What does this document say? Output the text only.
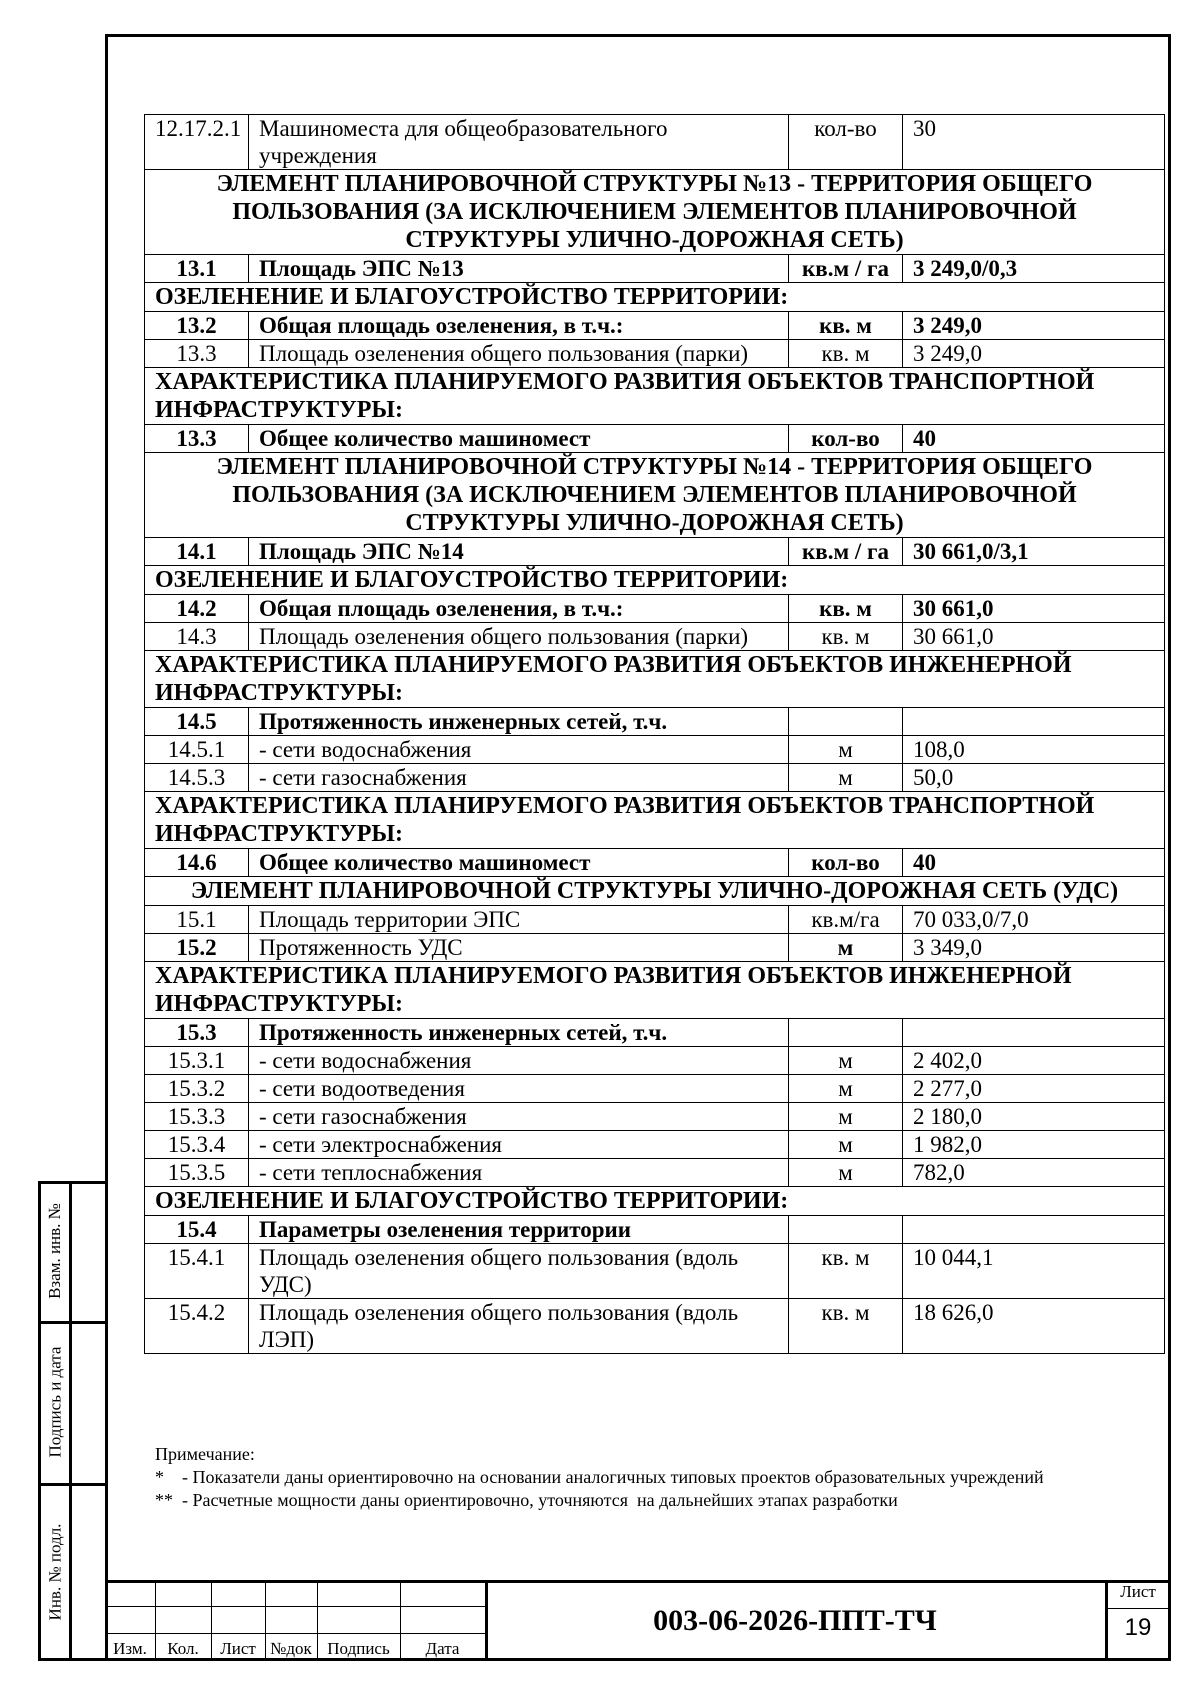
12.17.2.1	Машиноместа для общеобразовательного учреждения	кол-во	30
ЭЛЕМЕНТ ПЛАНИРОВОЧНОЙ СТРУКТУРЫ №13 - ТЕРРИТОРИЯ ОБЩЕГО ПОЛЬЗОВАНИЯ (ЗА ИСКЛЮЧЕНИЕМ ЭЛЕМЕНТОВ ПЛАНИРОВОЧНОЙ СТРУКТУРЫ УЛИЧНО-ДОРОЖНАЯ СЕТЬ)			
13.1	Площадь ЭПС №13	кв.м / га	3 249,0/0,3
ОЗЕЛЕНЕНИЕ И БЛАГОУСТРОЙСТВО ТЕРРИТОРИИ:			
13.2	Общая площадь озеленения, в т.ч.:	кв. м	3 249,0
13.3	Площадь озеленения общего пользования (парки)	кв. м	3 249,0
ХАРАКТЕРИСТИКА ПЛАНИРУЕМОГО РАЗВИТИЯ ОБЪЕКТОВ ТРАНСПОРТНОЙ ИНФРАСТРУКТУРЫ:			
13.3	Общее количество машиномест	кол-во	40
ЭЛЕМЕНТ ПЛАНИРОВОЧНОЙ СТРУКТУРЫ №14 - ТЕРРИТОРИЯ ОБЩЕГО ПОЛЬЗОВАНИЯ (ЗА ИСКЛЮЧЕНИЕМ ЭЛЕМЕНТОВ ПЛАНИРОВОЧНОЙ СТРУКТУРЫ УЛИЧНО-ДОРОЖНАЯ СЕТЬ)			
14.1	Площадь ЭПС №14	кв.м / га	30 661,0/3,1
ОЗЕЛЕНЕНИЕ И БЛАГОУСТРОЙСТВО ТЕРРИТОРИИ:			
14.2	Общая площадь озеленения, в т.ч.:	кв. м	30 661,0
14.3	Площадь озеленения общего пользования (парки)	кв. м	30 661,0
ХАРАКТЕРИСТИКА ПЛАНИРУЕМОГО РАЗВИТИЯ ОБЪЕКТОВ ИНЖЕНЕРНОЙ ИНФРАСТРУКТУРЫ:			
14.5	Протяженность инженерных сетей, т.ч.		
14.5.1	- сети водоснабжения	м	108,0
14.5.3	- сети газоснабжения	м	50,0
ХАРАКТЕРИСТИКА ПЛАНИРУЕМОГО РАЗВИТИЯ ОБЪЕКТОВ ТРАНСПОРТНОЙ ИНФРАСТРУКТУРЫ:			
14.6	Общее количество машиномест	кол-во	40
ЭЛЕМЕНТ ПЛАНИРОВОЧНОЙ СТРУКТУРЫ УЛИЧНО-ДОРОЖНАЯ СЕТЬ (УДС)			
15.1	Площадь территории ЭПС	кв.м/га	70 033,0/7,0
15.2	Протяженность УДС	м	3 349,0
ХАРАКТЕРИСТИКА ПЛАНИРУЕМОГО РАЗВИТИЯ ОБЪЕКТОВ ИНЖЕНЕРНОЙ ИНФРАСТРУКТУРЫ:			
15.3	Протяженность инженерных сетей, т.ч.		
15.3.1	- сети водоснабжения	м	2 402,0
15.3.2	- сети водоотведения	м	2 277,0
15.3.3	- сети газоснабжения	м	2 180,0
15.3.4	- сети электроснабжения	м	1 982,0
15.3.5	- сети теплоснабжения	м	782,0
ОЗЕЛЕНЕНИЕ И БЛАГОУСТРОЙСТВО ТЕРРИТОРИИ:			
15.4	Параметры озеленения территории		
15.4.1	Площадь озеленения общего пользования (вдоль УДС)	кв. м	10 044,1
15.4.2	Площадь озеленения общего пользования (вдоль ЛЭП)	кв. м	18 626,0
Примечание:
*    - Показатели даны ориентировочно на основании аналогичных типовых проектов образовательных учреждений
**  - Расчетные мощности даны ориентировочно, уточняются  на дальнейших этапах разработки
Взам. инв. №
Подпись и дата
Инв. № подл.
Изм.	Кол.	Лист №док Подпись	Дата
003-06-2026-ППТ-ТЧ
Лист
19
